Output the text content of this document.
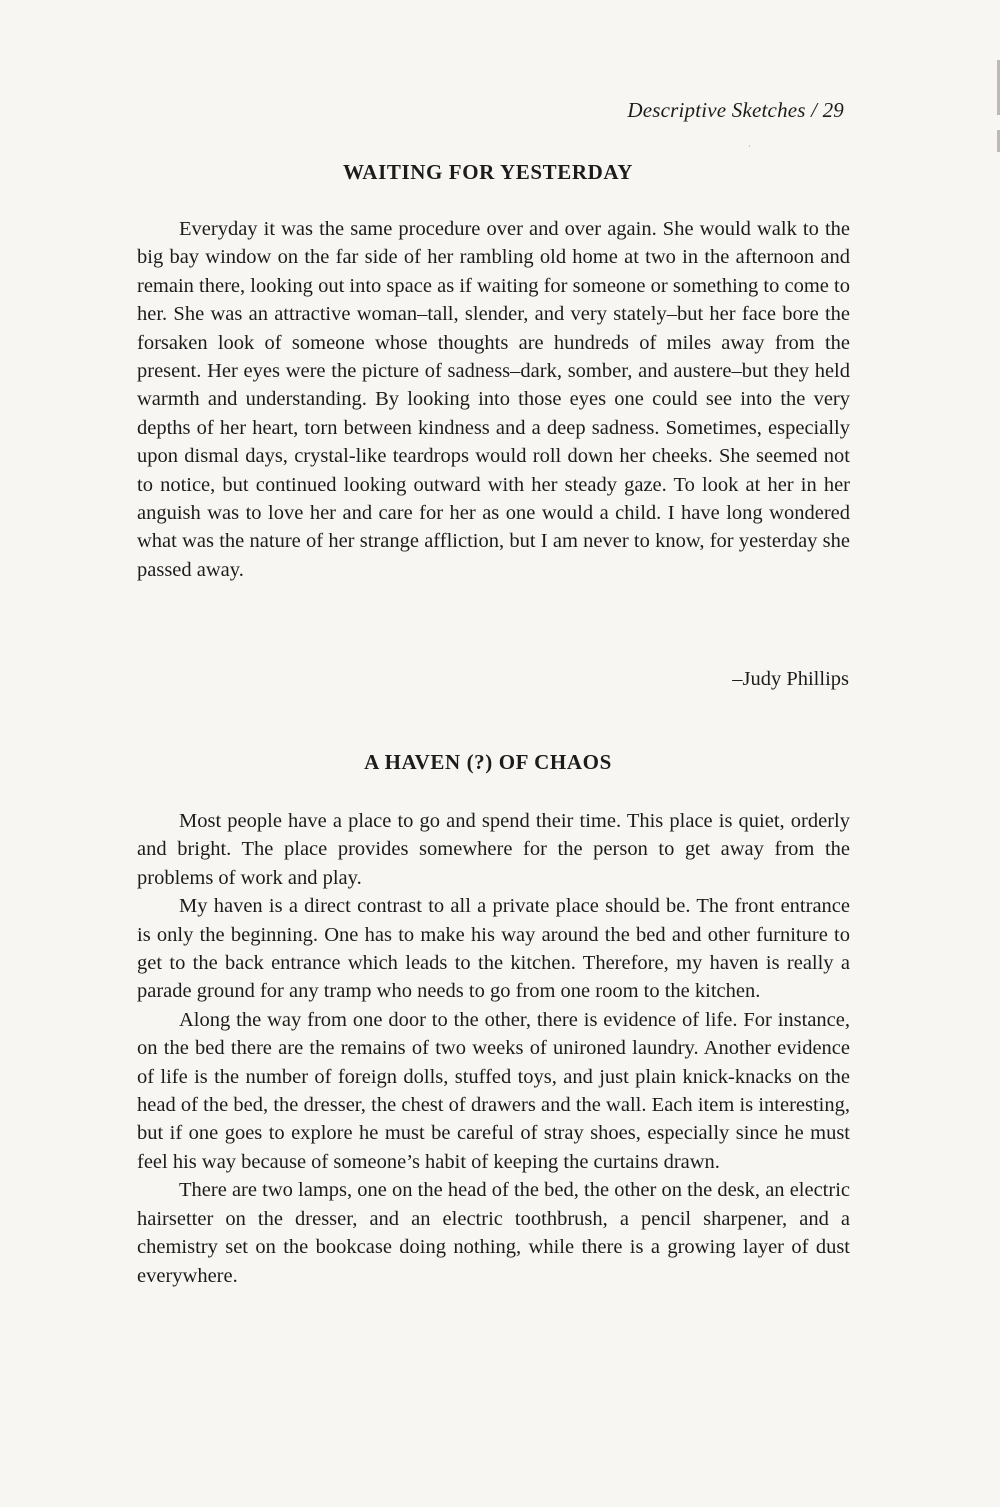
Descriptive Sketches / 29
·
WAITING FOR YESTERDAY

Everyday it was the same procedure over and over again. She would walk to the big bay window on the far side of her rambling old home at two in the afternoon and remain there, looking out into space as if waiting for someone or something to come to her. She was an attractive woman–tall, slender, and very stately–but her face bore the forsaken look of someone whose thoughts are hundreds of miles away from the present. Her eyes were the picture of sadness–dark, somber, and austere–but they held warmth and understanding. By looking into those eyes one could see into the very depths of her heart, torn between kindness and a deep sadness. Sometimes, especially upon dismal days, crystal-like teardrops would roll down her cheeks. She seemed not to notice, but continued looking outward with her steady gaze. To look at her in her anguish was to love her and care for her as one would a child. I have long wondered what was the nature of her strange affliction, but I am never to know, for yesterday she passed away.

–Judy Phillips
A HAVEN (?) OF CHAOS

Most people have a place to go and spend their time. This place is quiet, orderly and bright. The place provides somewhere for the person to get away from the problems of work and play.

My haven is a direct contrast to all a private place should be. The front entrance is only the beginning. One has to make his way around the bed and other furniture to get to the back entrance which leads to the kitchen. Therefore, my haven is really a parade ground for any tramp who needs to go from one room to the kitchen.

Along the way from one door to the other, there is evidence of life. For instance, on the bed there are the remains of two weeks of unironed laundry. Another evidence of life is the number of foreign dolls, stuffed toys, and just plain knick-knacks on the head of the bed, the dresser, the chest of drawers and the wall. Each item is interesting, but if one goes to explore he must be careful of stray shoes, especially since he must feel his way because of someone’s habit of keeping the curtains drawn.

There are two lamps, one on the head of the bed, the other on the desk, an electric hairsetter on the dresser, and an electric toothbrush, a pencil sharpener, and a chemistry set on the bookcase doing nothing, while there is a growing layer of dust everywhere.
